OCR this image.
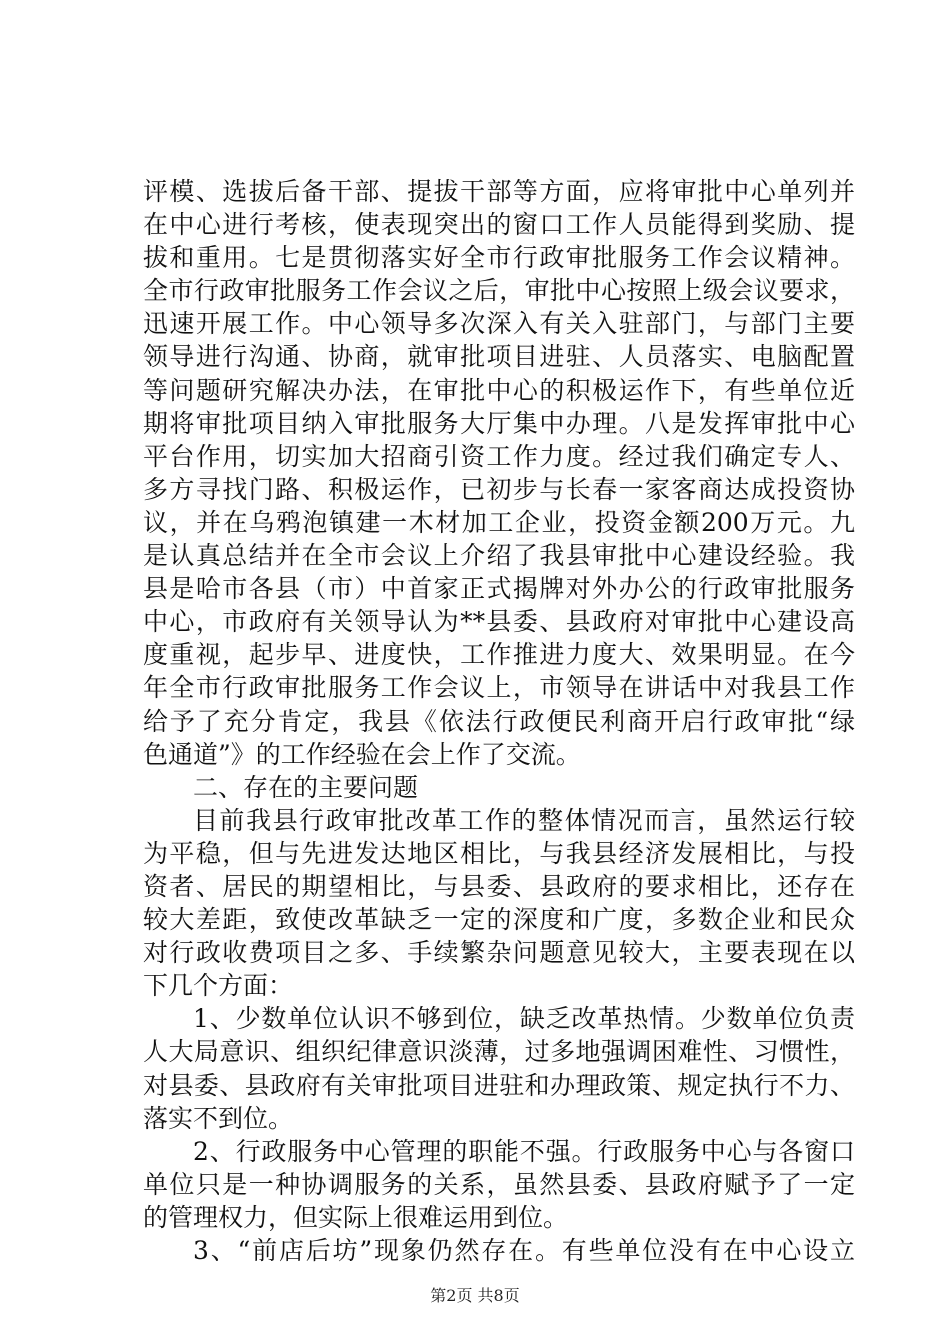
评模、选拔后备干部、提拔干部等方面，应将审批中心单列并
在中心进行考核，使表现突出的窗口工作人员能得到奖励、提
拔和重用。七是贯彻落实好全市行政审批服务工作会议精神。
全市行政审批服务工作会议之后，审批中心按照上级会议要求，
迅速开展工作。中心领导多次深入有关入驻部门，与部门主要
领导进行沟通、协商，就审批项目进驻、人员落实、电脑配置
等问题研究解决办法，在审批中心的积极运作下，有些单位近
期将审批项目纳入审批服务大厅集中办理。八是发挥审批中心
平台作用，切实加大招商引资工作力度。经过我们确定专人、
多方寻找门路、积极运作，已初步与长春一家客商达成投资协
议，并在乌鸦泡镇建一木材加工企业，投资金额200万元。九
是认真总结并在全市会议上介绍了我县审批中心建设经验。我
县是哈市各县（市）中首家正式揭牌对外办公的行政审批服务
中心，市政府有关领导认为**县委、县政府对审批中心建设高
度重视，起步早、进度快，工作推进力度大、效果明显。在今
年全市行政审批服务工作会议上，市领导在讲话中对我县工作
给予了充分肯定，我县《依法行政便民利商开启行政审批“绿
色通道”》的工作经验在会上作了交流。
二、存在的主要问题
目前我县行政审批改革工作的整体情况而言，虽然运行较
为平稳，但与先进发达地区相比，与我县经济发展相比，与投
资者、居民的期望相比，与县委、县政府的要求相比，还存在
较大差距，致使改革缺乏一定的深度和广度，多数企业和民众
对行政收费项目之多、手续繁杂问题意见较大，主要表现在以
下几个方面：
1、少数单位认识不够到位，缺乏改革热情。少数单位负责
人大局意识、组织纪律意识淡薄，过多地强调困难性、习惯性，
对县委、县政府有关审批项目进驻和办理政策、规定执行不力、
落实不到位。
2、行政服务中心管理的职能不强。行政服务中心与各窗口
单位只是一种协调服务的关系，虽然县委、县政府赋予了一定
的管理权力，但实际上很难运用到位。
3、“前店后坊”现象仍然存在。有些单位没有在中心设立
第2页 共8页
